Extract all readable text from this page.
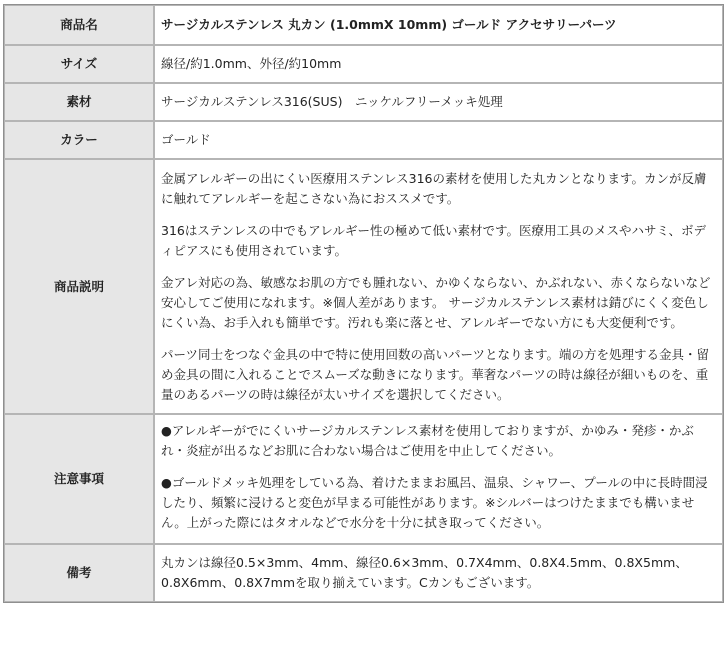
商品名	サージカルステンレス 丸カン (1.0mmX 10mm) ゴールド アクセサリーパーツ
サイズ	線径/約1.0mm、外径/約10mm
素材	サージカルステンレス316(SUS)　ニッケルフリーメッキ処理
カラー	ゴールド
商品説明	金属アレルギーの出にくい医療用ステンレス316の素材を使用した丸カンとなります。カンが反膚に触れてアレルギーを起こさない為におススメです。

316はステンレスの中でもアレルギー性の極めて低い素材です。医療用工具のメスやハサミ、ボディピアスにも使用されています。

金アレ対応の為、敏感なお肌の方でも腫れない、かゆくならない、かぶれない、赤くならないなど安心してご使用になれます。※個人差があります。 サージカルステンレス素材は錆びにくく変色しにくい為、お手入れも簡単です。汚れも楽に落とせ、アレルギーでない方にも大変便利です。

パーツ同士をつなぐ金具の中で特に使用回数の高いパーツとなります。端の方を処理する金具・留め金具の間に入れることでスムーズな動きになります。華奢なパーツの時は線径が細いものを、重量のあるパーツの時は線径が太いサイズを選択してください。

注意事項	●アレルギーがでにくいサージカルステンレス素材を使用しておりますが、かゆみ・発疹・かぶれ・炎症が出るなどお肌に合わない場合はご使用を中止してください。

●ゴールドメッキ処理をしている為、着けたままお風呂、温泉、シャワー、プールの中に長時間浸したり、頻繁に浸けると変色が早まる可能性があります。※シルバーはつけたままでも構いません。上がった際にはタオルなどで水分を十分に拭き取ってください。

備考	丸カンは線径0.5×3mm、4mm、線径0.6×3mm、0.7X4mm、0.8X4.5mm、0.8X5mm、0.8X6mm、0.8X7mmを取り揃えています。Cカンもございます。
